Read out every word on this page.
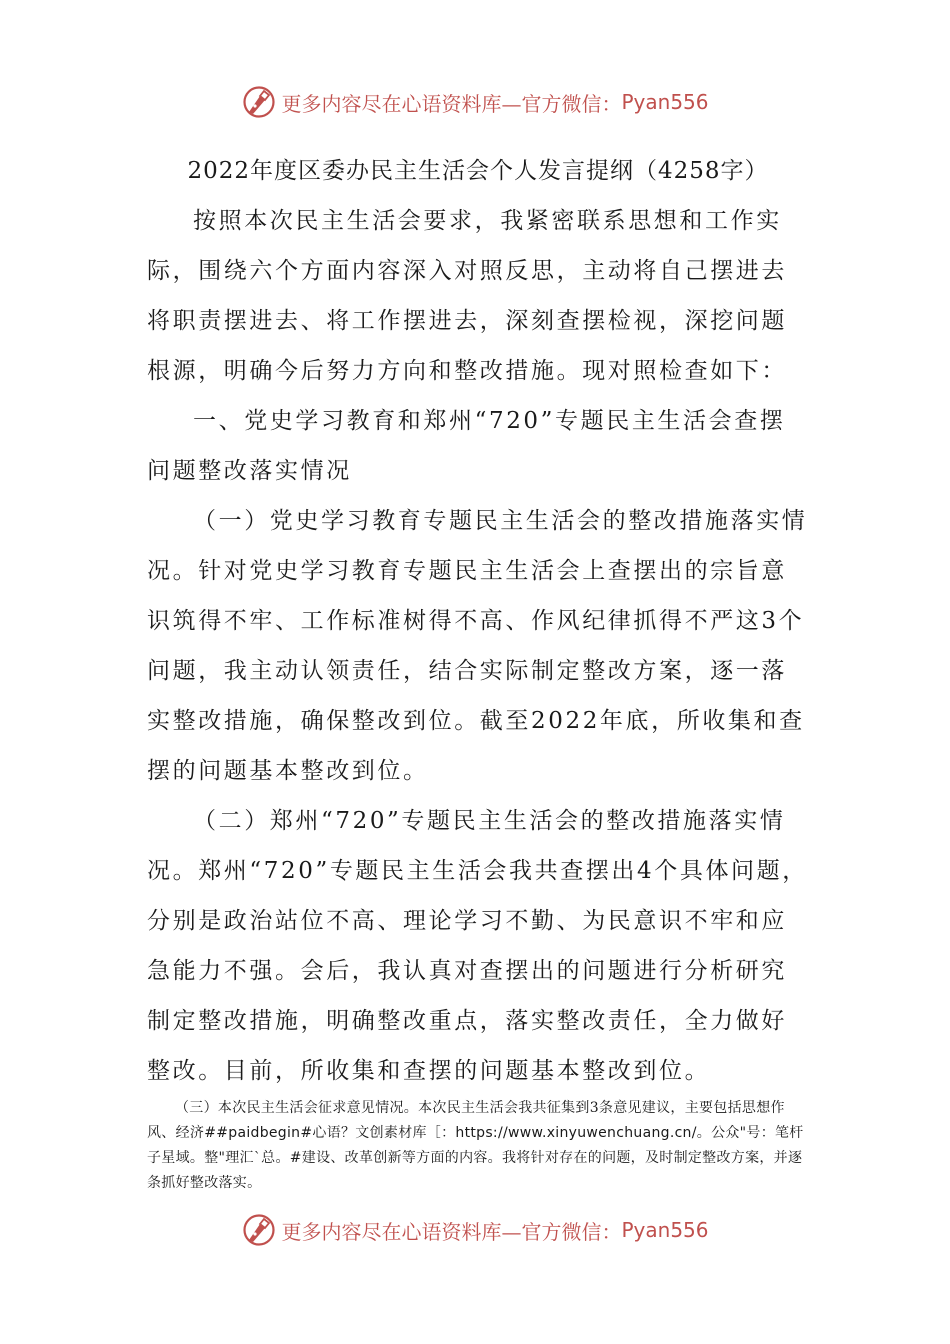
更多内容尽在心语资料库—官方微信： Pyan556

2022年度区委办民主生活会个人发言提纲（4258字）

按照本次民主生活会要求，我紧密联系思想和工作实际，围绕六个方面内容深入对照反思，主动将自己摆进去将职责摆进去、将工作摆进去，深刻查摆检视，深挖问题根源，明确今后努力方向和整改措施。现对照检查如下：

一、党史学习教育和郑州“720”专题民主生活会查摆问题整改落实情况

（一）党史学习教育专题民主生活会的整改措施落实情况。针对党史学习教育专题民主生活会上查摆出的宗旨意识筑得不牢、工作标准树得不高、作风纪律抓得不严这3个问题，我主动认领责任，结合实际制定整改方案，逐一落实整改措施，确保整改到位。截至2022年底，所收集和查摆的问题基本整改到位。

（二）郑州“720”专题民主生活会的整改措施落实情况。郑州“720”专题民主生活会我共查摆出4个具体问题，分别是政治站位不高、理论学习不勤、为民意识不牢和应急能力不强。会后，我认真对查摆出的问题进行分析研究制定整改措施，明确整改重点，落实整改责任，全力做好整改。目前，所收集和查摆的问题基本整改到位。

（三）本次民主生活会征求意见情况。本次民主生活会我共征集到3条意见建议，主要包括思想作风、经济##paidbegin#心语？文创素材库［：https://www.xinyuwenchuang.cn/。公众"号：笔杆子星域。整"理汇`总。#建设、改革创新等方面的内容。我将针对存在的问题，及时制定整改方案，并逐条抓好整改落实。

更多内容尽在心语资料库—官方微信： Pyan556
